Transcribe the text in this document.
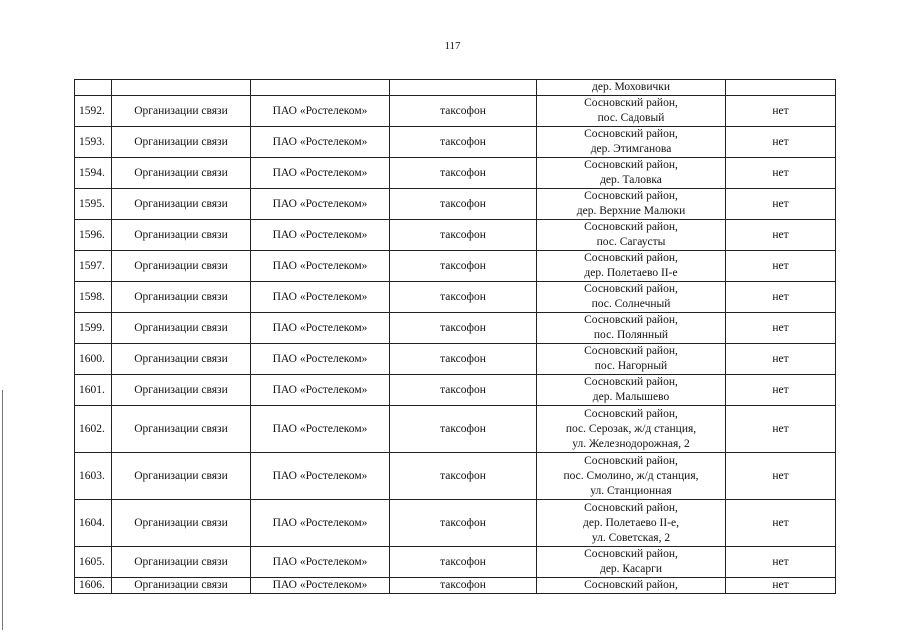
117
				дер. Моховички	
1592.	Организации связи	ПАО «Ростелеком»	таксофон	Сосновский район,
пос. Садовый	нет
1593.	Организации связи	ПАО «Ростелеком»	таксофон	Сосновский район,
дер. Этимганова	нет
1594.	Организации связи	ПАО «Ростелеком»	таксофон	Сосновский район,
дер. Таловка	нет
1595.	Организации связи	ПАО «Ростелеком»	таксофон	Сосновский район,
дер. Верхние Малюки	нет
1596.	Организации связи	ПАО «Ростелеком»	таксофон	Сосновский район,
пос. Сагаусты	нет
1597.	Организации связи	ПАО «Ростелеком»	таксофон	Сосновский район,
дер. Полетаево II-е	нет
1598.	Организации связи	ПАО «Ростелеком»	таксофон	Сосновский район,
пос. Солнечный	нет
1599.	Организации связи	ПАО «Ростелеком»	таксофон	Сосновский район,
пос. Полянный	нет
1600.	Организации связи	ПАО «Ростелеком»	таксофон	Сосновский район,
пос. Нагорный	нет
1601.	Организации связи	ПАО «Ростелеком»	таксофон	Сосновский район,
дер. Малышево	нет
1602.	Организации связи	ПАО «Ростелеком»	таксофон	Сосновский район,
пос. Серозак, ж/д станция,
ул. Железнодорожная, 2	нет
1603.	Организации связи	ПАО «Ростелеком»	таксофон	Сосновский район,
пос. Смолино, ж/д станция,
ул. Станционная	нет
1604.	Организации связи	ПАО «Ростелеком»	таксофон	Сосновский район,
дер. Полетаево II-е,
ул. Советская, 2	нет
1605.	Организации связи	ПАО «Ростелеком»	таксофон	Сосновский район,
дер. Касарги	нет
1606.	Организации связи	ПАО «Ростелеком»	таксофон	Сосновский район,	нет
